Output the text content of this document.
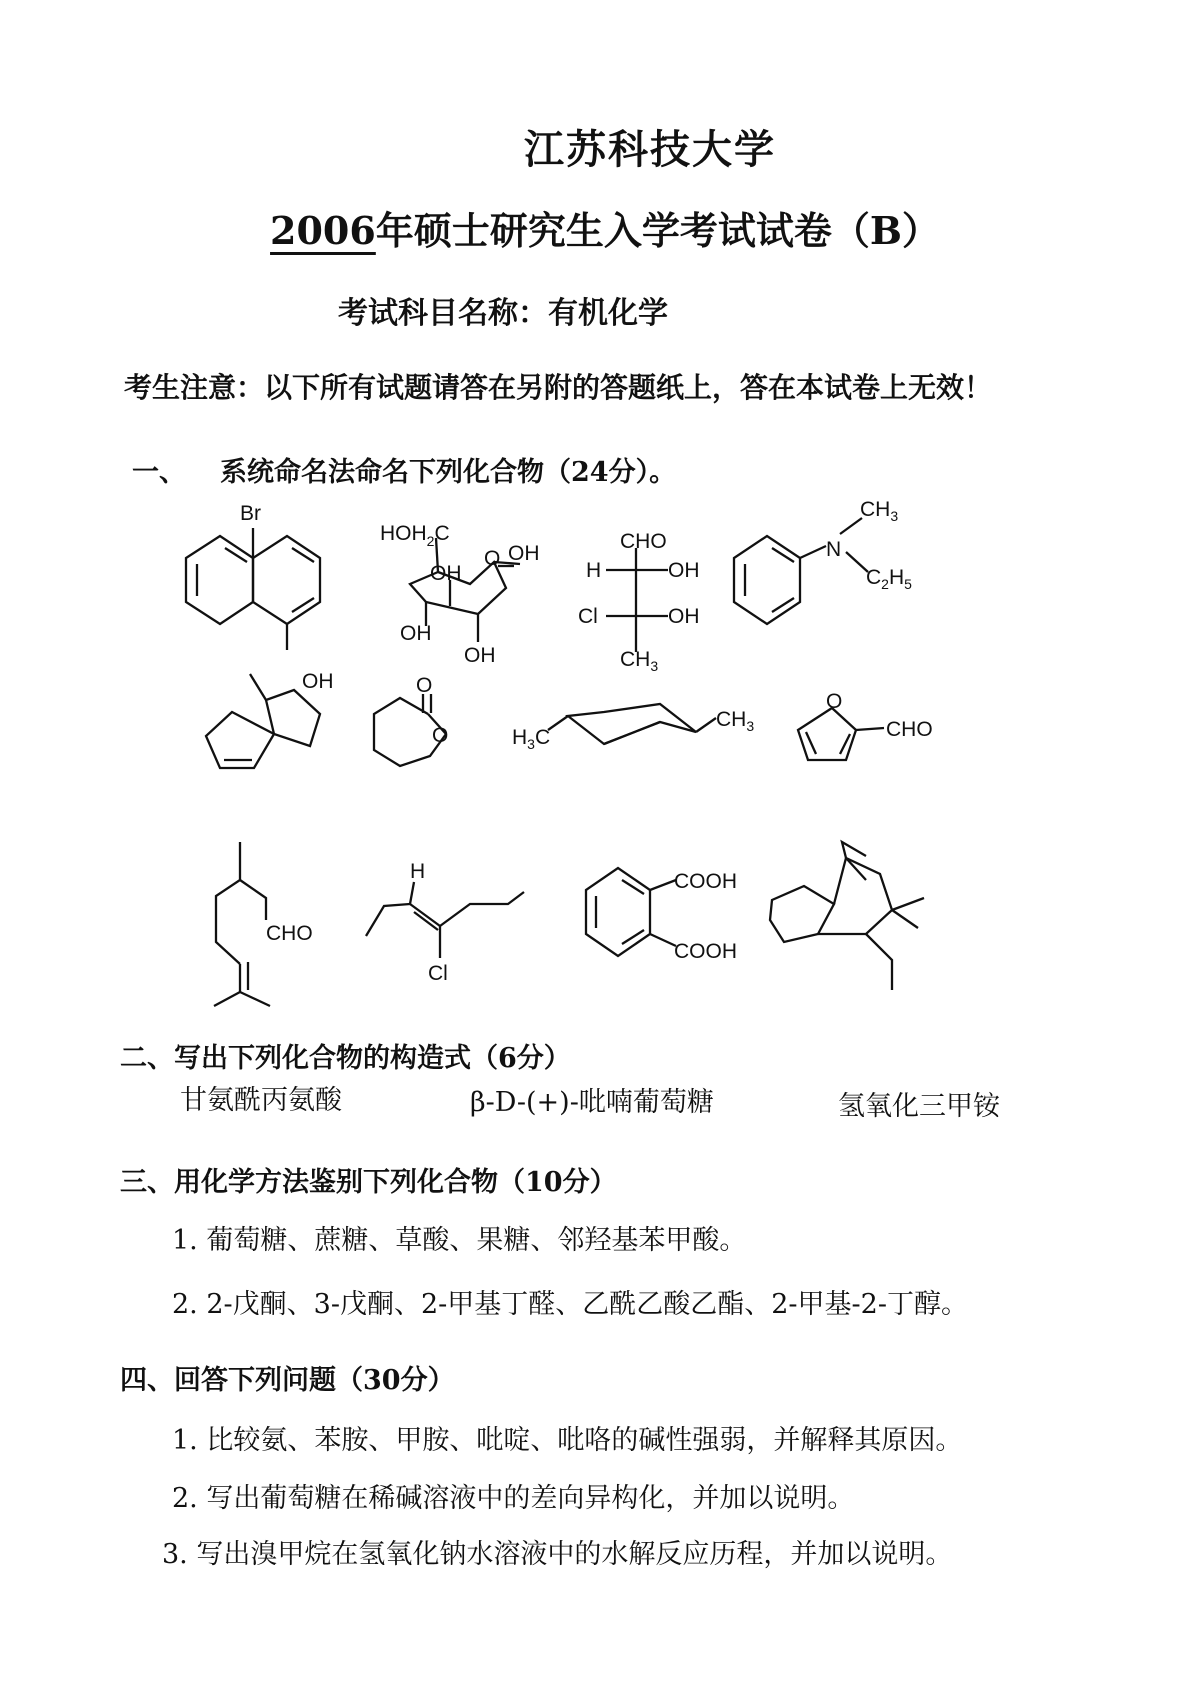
江苏科技大学
2006年硕士研究生入学考试试卷（B）
考试科目名称：有机化学
考生注意：以下所有试题请答在另附的答题纸上，答在本试卷上无效！
一、 系统命名法命名下列化合物（24分）。
Br
OH
$HOH_2C$
O OH
OH
OH
OH
CHO
H	OH
Cl	OH
$CH_3$
N
$CH_3$
$C_2H_5$
O
O	$H_3C$
$CH_3$
O
CHO
CHO
H
Cl
COOH
COOH
二、写出下列化合物的构造式（6分）
甘氨酰丙氨酸	β-D-(+)-吡喃葡萄糖	氢氧化三甲铵
三、用化学方法鉴别下列化合物（10分）
1. 葡萄糖、蔗糖、草酸、果糖、邻羟基苯甲酸。
2. 2-戊酮、3-戊酮、2-甲基丁醛、乙酰乙酸乙酯、2-甲基-2-丁醇。
四、回答下列问题（30分）
1. 比较氨、苯胺、甲胺、吡啶、吡咯的碱性强弱，并解释其原因。
2. 写出葡萄糖在稀碱溶液中的差向异构化，并加以说明。
3. 写出溴甲烷在氢氧化钠水溶液中的水解反应历程，并加以说明。
